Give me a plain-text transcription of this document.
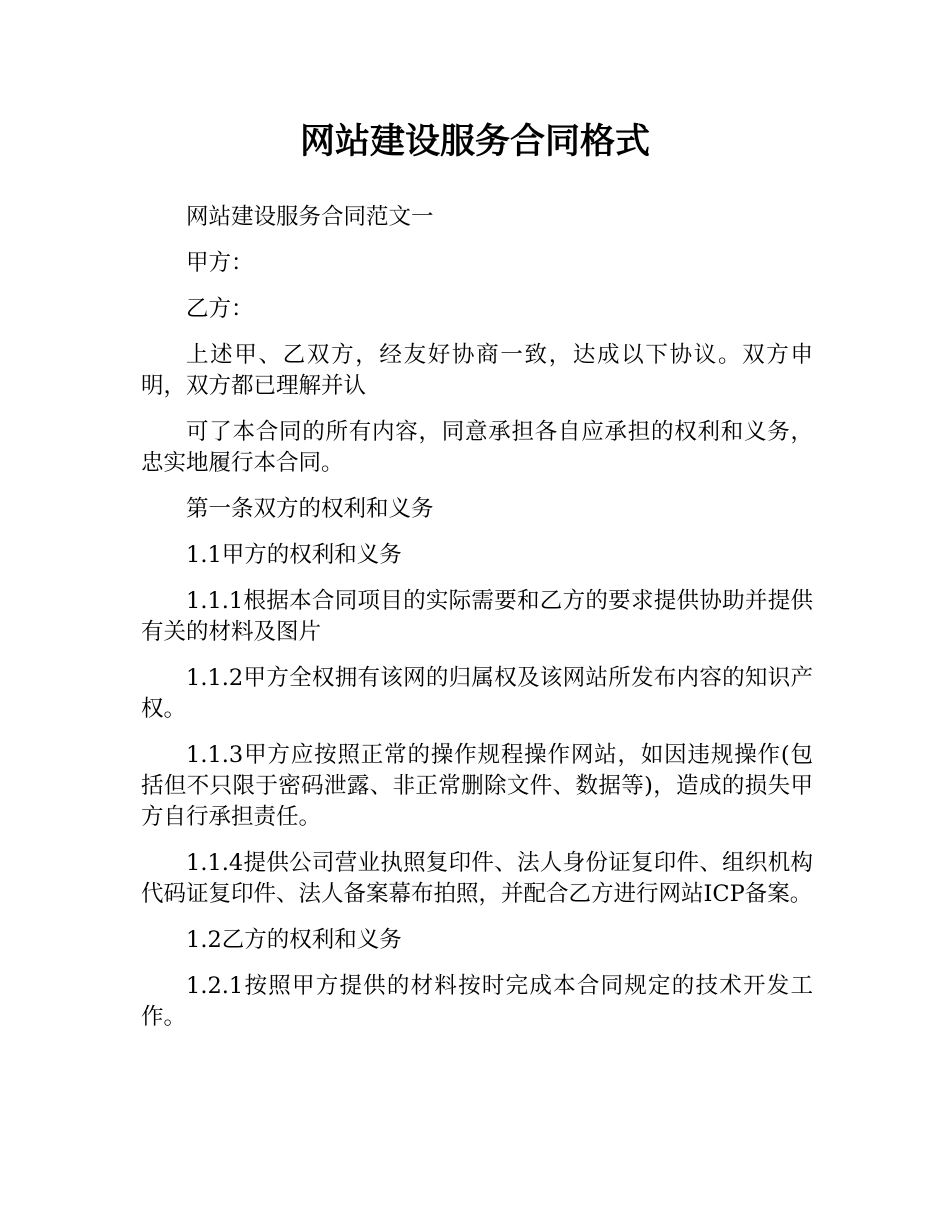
网站建设服务合同格式

网站建设服务合同范文一

甲方：

乙方：

上述甲、乙双方，经友好协商一致，达成以下协议。双方申明，双方都已理解并认

可了本合同的所有内容，同意承担各自应承担的权利和义务，忠实地履行本合同。

第一条双方的权利和义务

1.1甲方的权利和义务

1.1.1根据本合同项目的实际需要和乙方的要求提供协助并提供有关的材料及图片

1.1.2甲方全权拥有该网的归属权及该网站所发布内容的知识产权。

1.1.3甲方应按照正常的操作规程操作网站，如因违规操作(包括但不只限于密码泄露、非正常删除文件、数据等)，造成的损失甲方自行承担责任。

1.1.4提供公司营业执照复印件、法人身份证复印件、组织机构代码证复印件、法人备案幕布拍照，并配合乙方进行网站ICP备案。

1.2乙方的权利和义务

1.2.1按照甲方提供的材料按时完成本合同规定的技术开发工作。
